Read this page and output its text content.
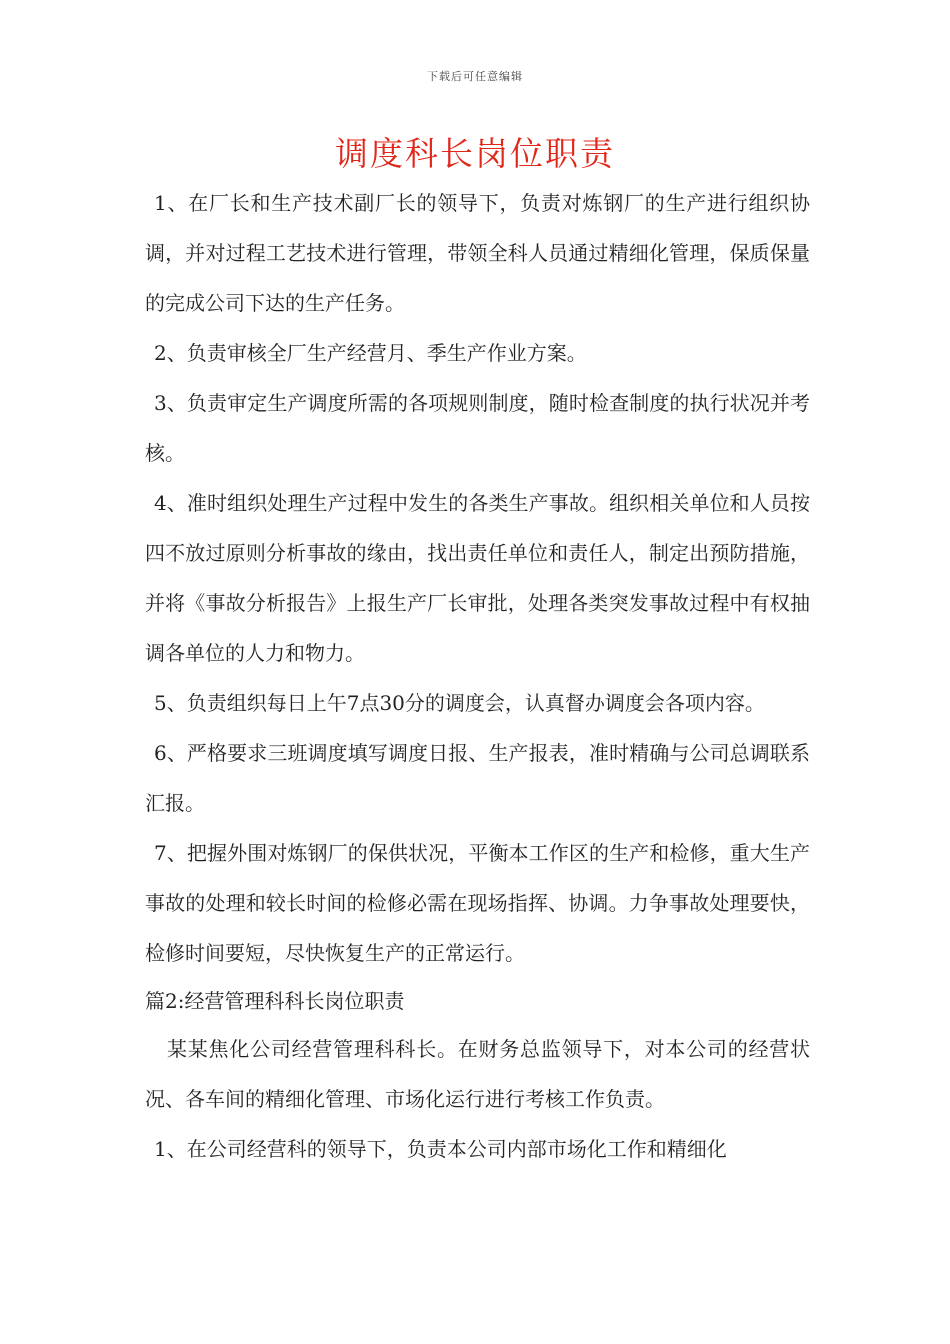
下载后可任意编辑
调度科长岗位职责

1、在厂长和生产技术副厂长的领导下，负责对炼钢厂的生产进行组织协调，并对过程工艺技术进行管理，带领全科人员通过精细化管理，保质保量的完成公司下达的生产任务。

2、负责审核全厂生产经营月、季生产作业方案。

3、负责审定生产调度所需的各项规则制度，随时检查制度的执行状况并考核。

4、准时组织处理生产过程中发生的各类生产事故。组织相关单位和人员按四不放过原则分析事故的缘由，找出责任单位和责任人，制定出预防措施，并将《事故分析报告》上报生产厂长审批，处理各类突发事故过程中有权抽调各单位的人力和物力。

5、负责组织每日上午7点30分的调度会，认真督办调度会各项内容。

6、严格要求三班调度填写调度日报、生产报表，准时精确与公司总调联系汇报。

7、把握外围对炼钢厂的保供状况，平衡本工作区的生产和检修，重大生产事故的处理和较长时间的检修必需在现场指挥、协调。力争事故处理要快，检修时间要短，尽快恢复生产的正常运行。

篇2:经营管理科科长岗位职责

某某焦化公司经营管理科科长。在财务总监领导下，对本公司的经营状况、各车间的精细化管理、市场化运行进行考核工作负责。

1、在公司经营科的领导下，负责本公司内部市场化工作和精细化
